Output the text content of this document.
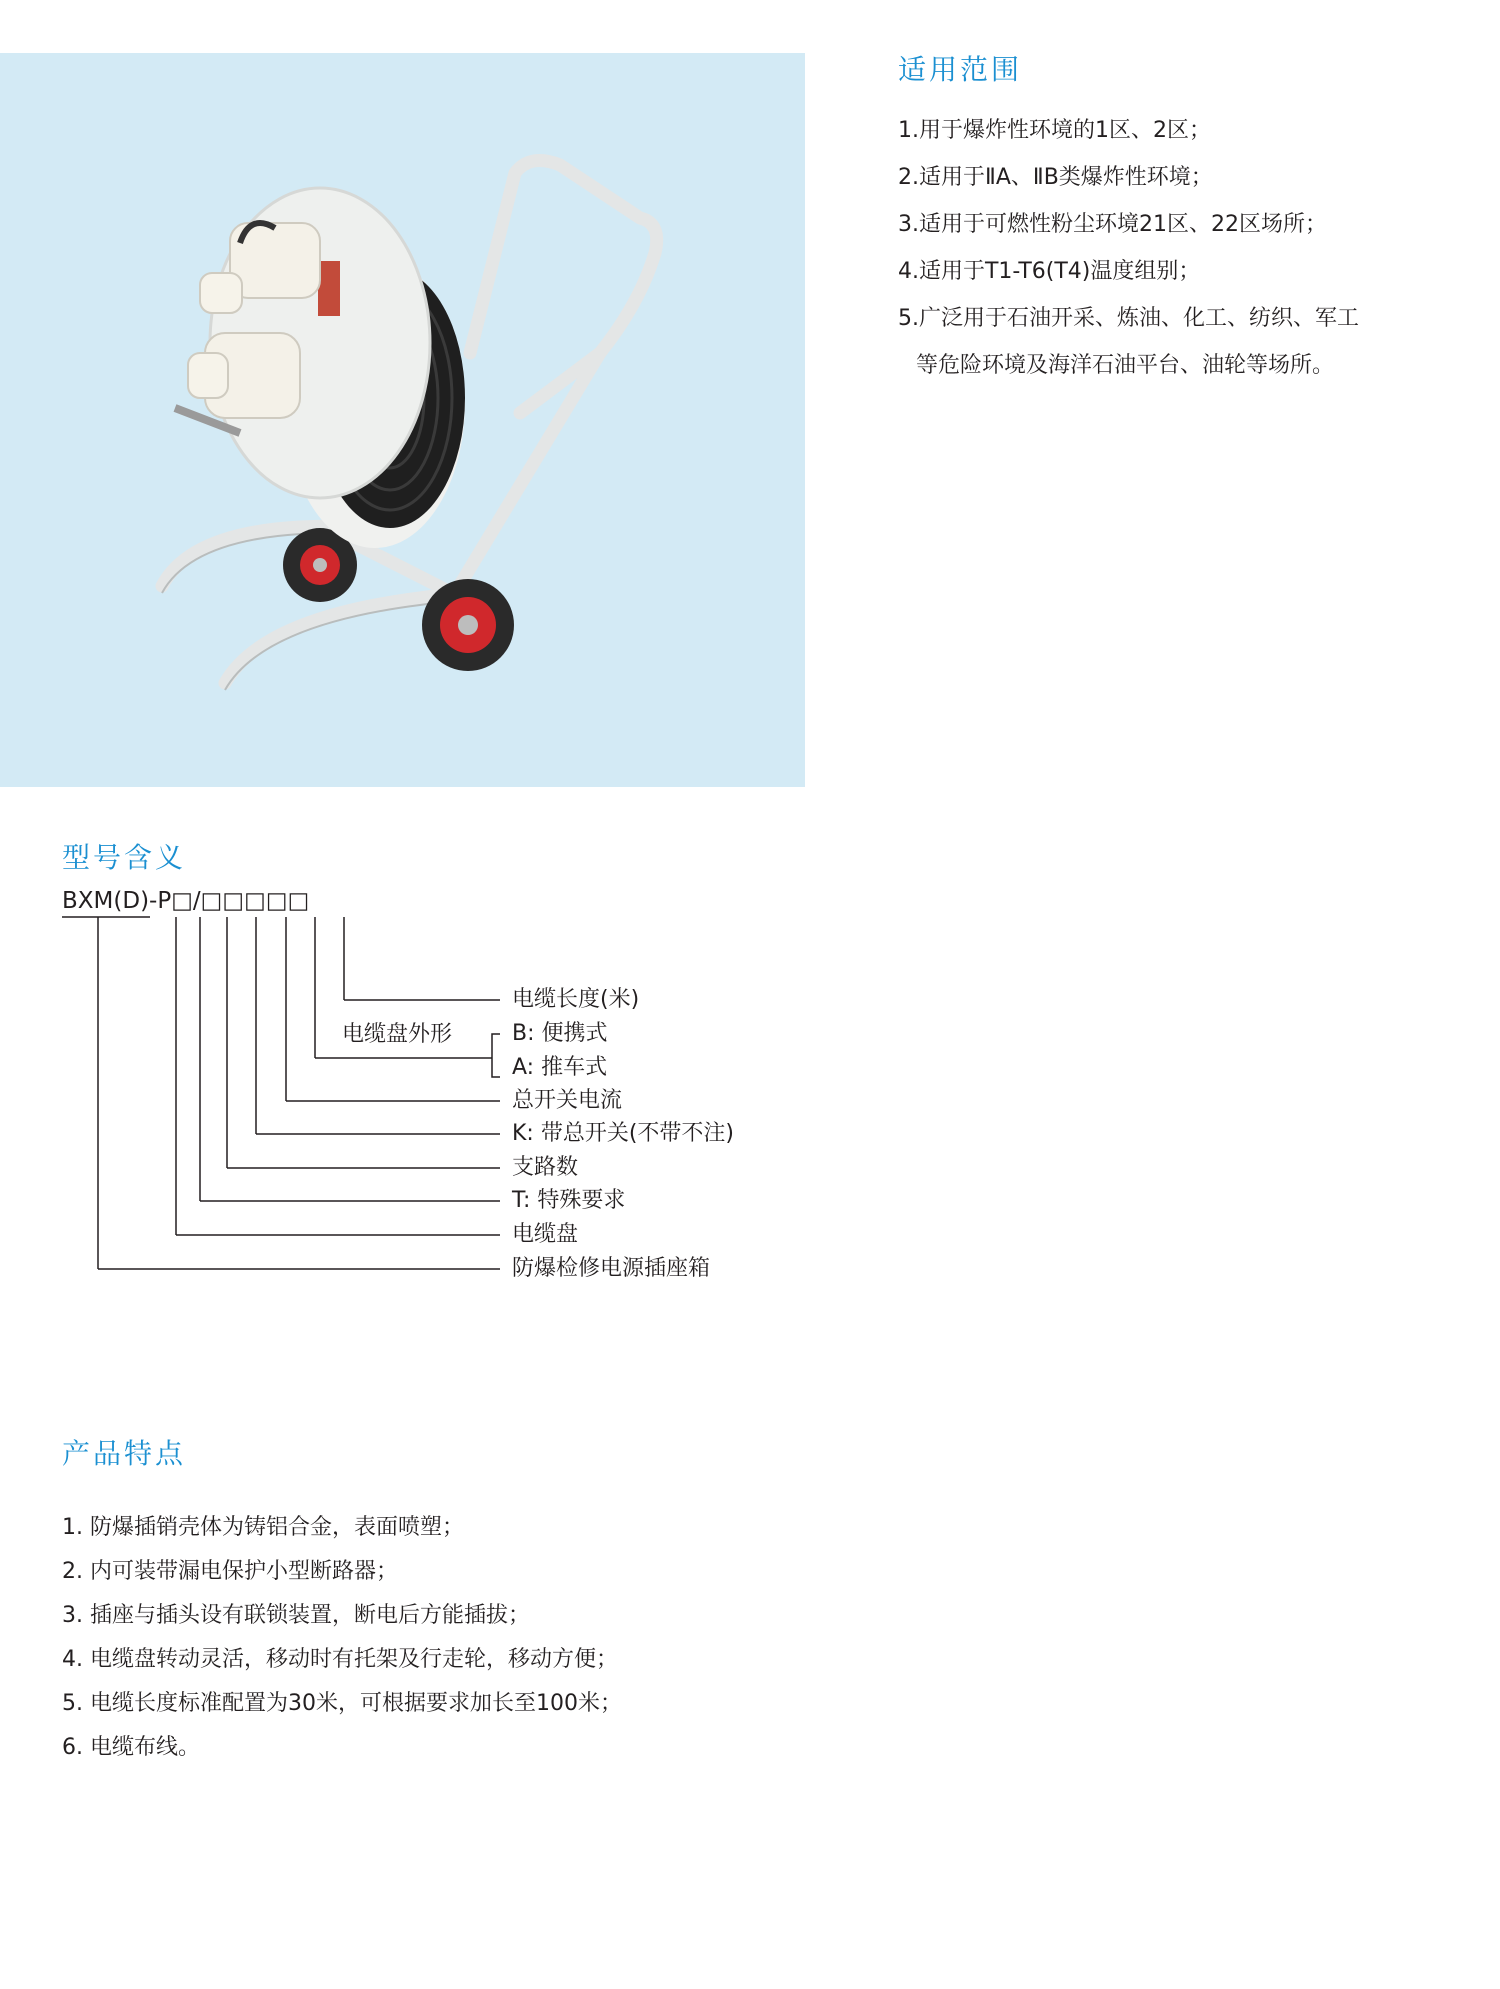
适用范围
1.用于爆炸性环境的1区、2区；
2.适用于ⅡA、ⅡB类爆炸性环境；
3.适用于可燃性粉尘环境21区、22区场所；
4.适用于T1-T6(T4)温度组别；
5.广泛用于石油开采、炼油、化工、纺织、军工
等危险环境及海洋石油平台、油轮等场所。
型号含义
BXM(D)-P□/□□□□□
电缆盘外形
电缆长度(米)
B: 便携式
A: 推车式
总开关电流
K: 带总开关(不带不注)
支路数
T: 特殊要求
电缆盘
防爆检修电源插座箱
产品特点
1. 防爆插销壳体为铸铝合金，表面喷塑；
2. 内可装带漏电保护小型断路器；
3. 插座与插头设有联锁装置，断电后方能插拔；
4. 电缆盘转动灵活，移动时有托架及行走轮，移动方便；
5. 电缆长度标准配置为30米，可根据要求加长至100米；
6. 电缆布线。
